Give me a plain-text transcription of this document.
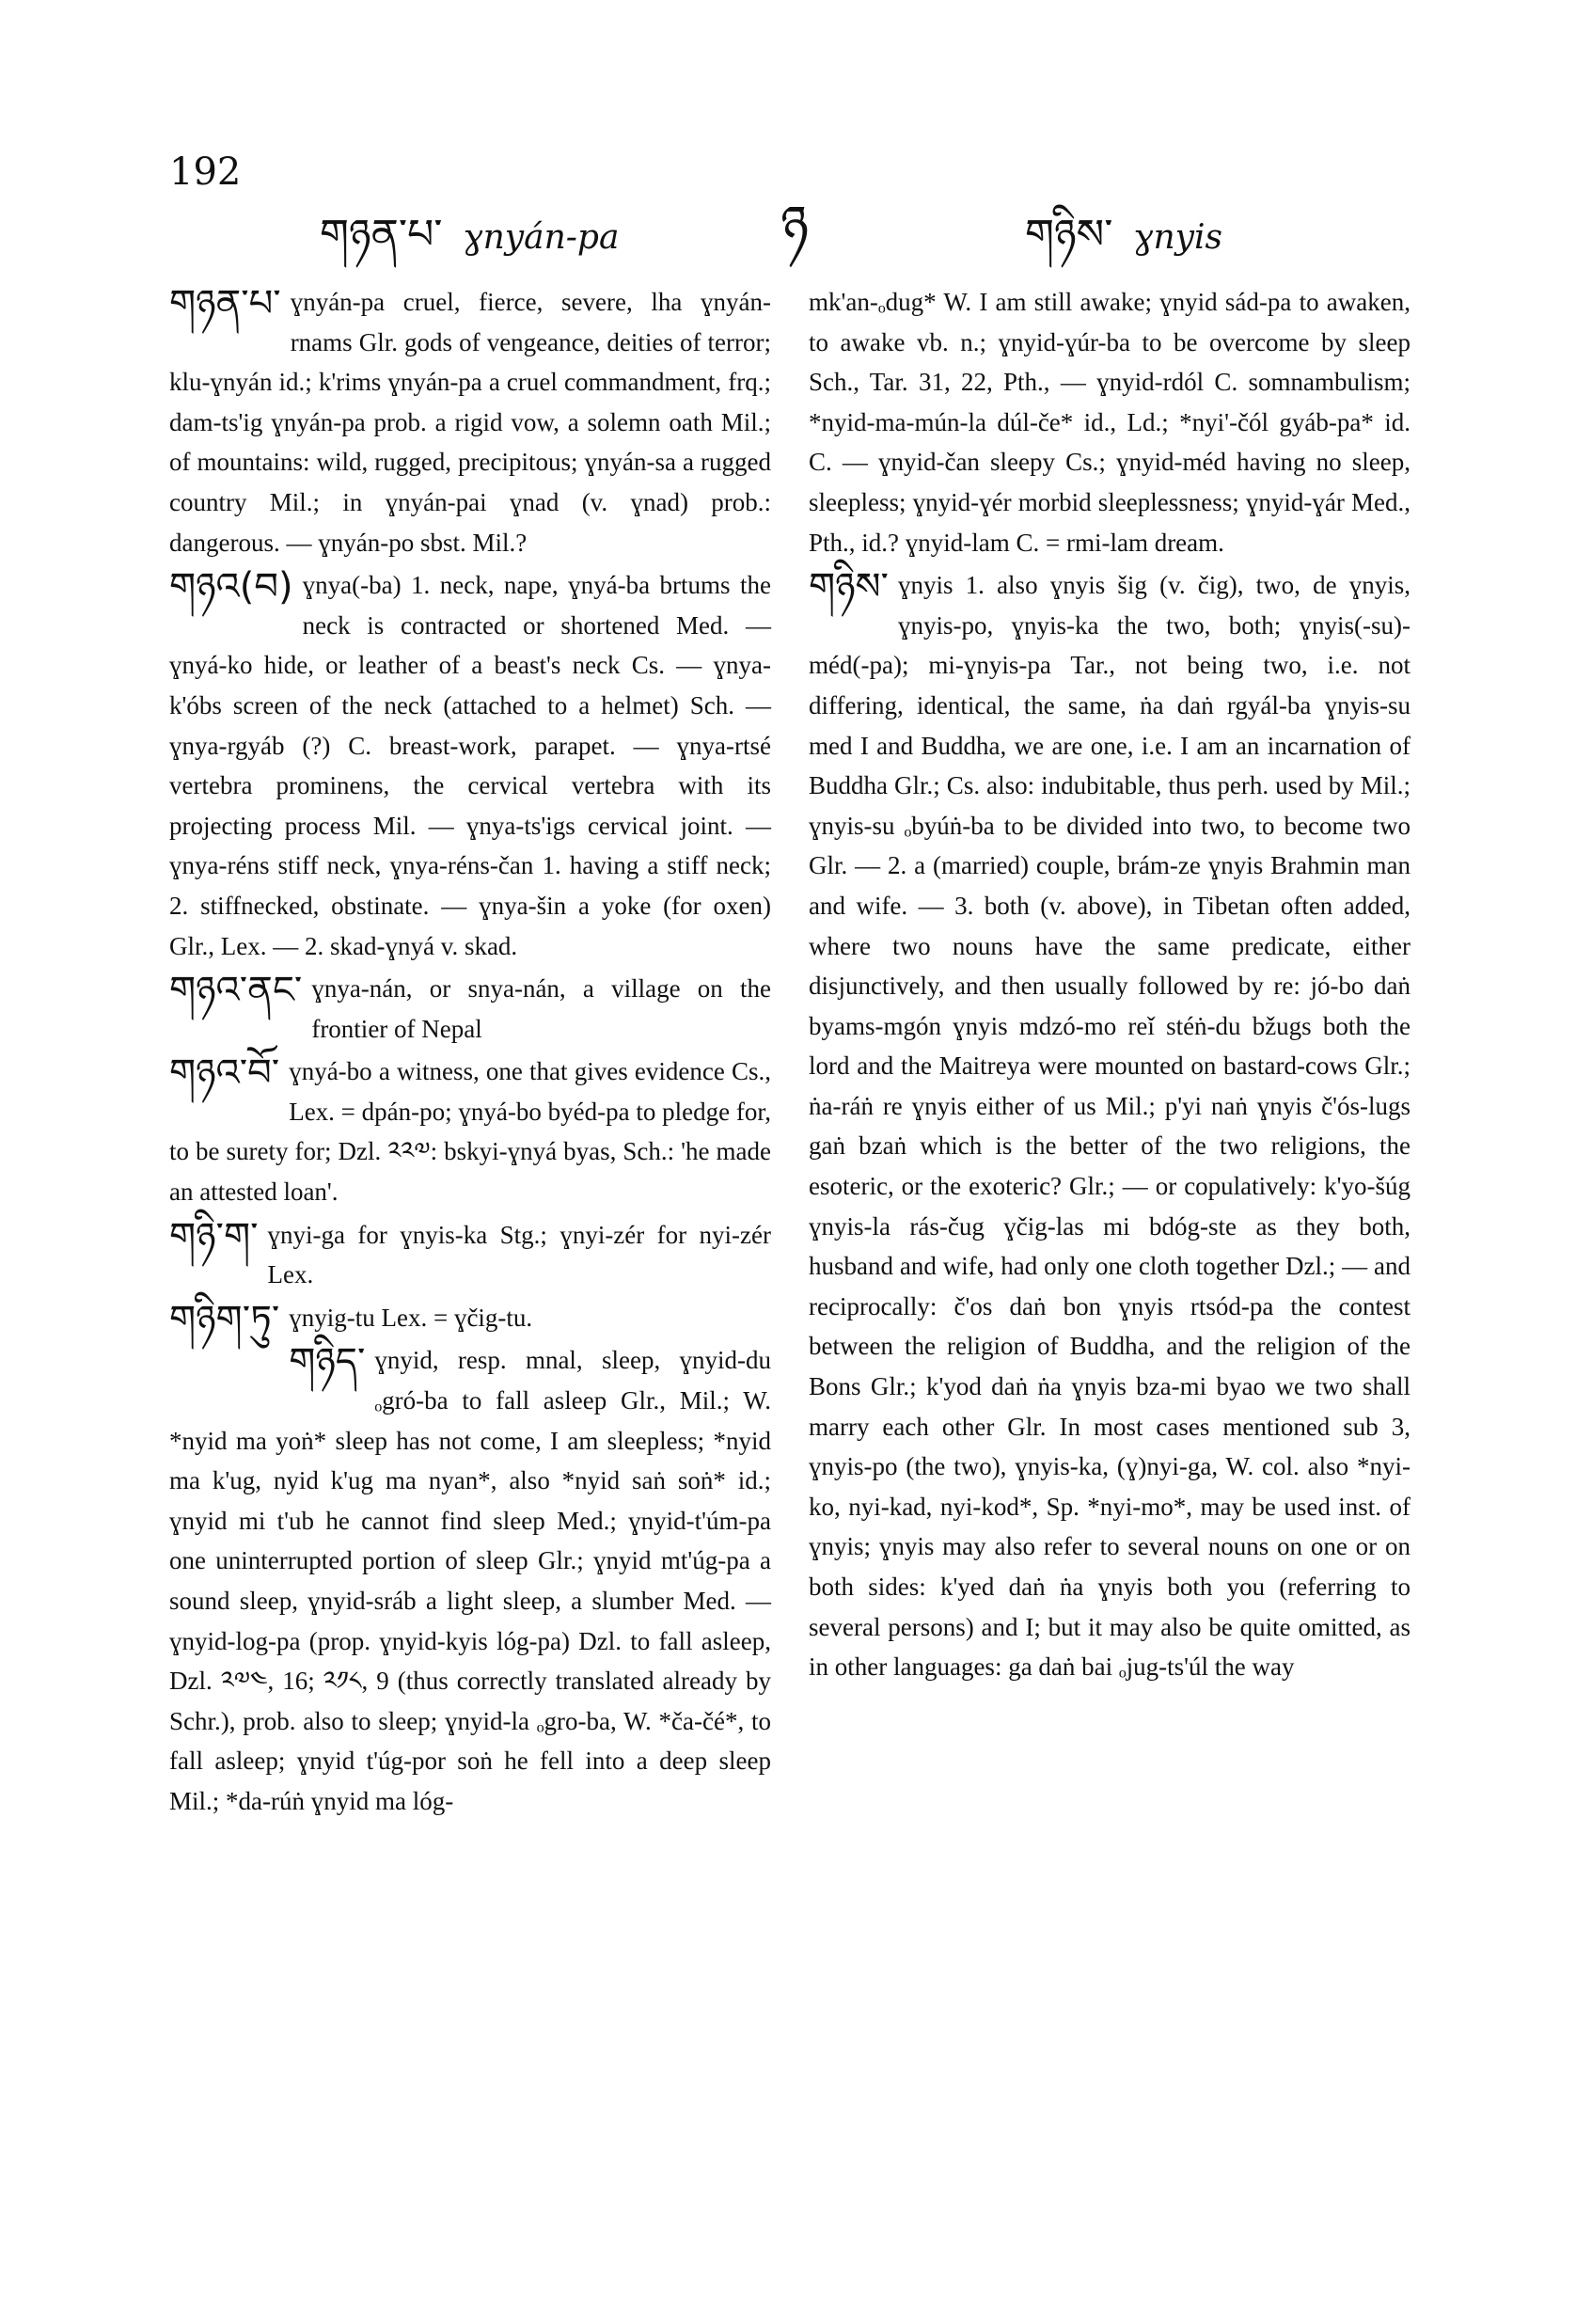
192
གཉན་པ་ ɣnyán-pa	ཉ	གཉིས་ ɣnyis
གཉན་པ་ ɣnyán-pa cruel, fierce, severe, lha ɣnyán-rnams Glr. gods of vengeance, deities of terror; klu-ɣnyán id.; k'rims ɣnyán-pa a cruel commandment, frq.; dam-ts'ig ɣnyán-pa prob. a rigid vow, a solemn oath Mil.; of mountains: wild, rugged, precipitous; ɣnyán-sa a rugged country Mil.; in ɣnyán-pai ɣnad (v. ɣnad) prob.: dangerous. — ɣnyán-po sbst. Mil.?
གཉའ(བ) ɣnya(-ba) 1. neck, nape, ɣnyá-ba brtums the neck is contracted or shortened Med. — ɣnyá-ko hide, or leather of a beast's neck Cs. — ɣnya-k'óbs screen of the neck (attached to a helmet) Sch. — ɣnya-rgyáb (?) C. breast-work, parapet. — ɣnya-rtsé vertebra prominens, the cervical vertebra with its projecting process Mil. — ɣnya-ts'igs cervical joint. — ɣnya-réns stiff neck, ɣnya-réns-čan 1. having a stiff neck; 2. stiffnecked, obstinate. — ɣnya-šin a yoke (for oxen) Glr., Lex. — 2. skad-ɣnyá v. skad.
གཉའ་ནང་ ɣnya-nán, or snya-nán, a village on the frontier of Nepal
གཉའ་བོ་ ɣnyá-bo a witness, one that gives evidence Cs., Lex. = dpán-po; ɣnyá-bo byéd-pa to pledge for, to be surety for; Dzl. ༢༢༧: bskyi-ɣnyá byas, Sch.: 'he made an attested loan'.
གཉི་ག་ ɣnyi-ga for ɣnyis-ka Stg.; ɣnyi-zér for nyi-zér Lex.
གཉིག་ཏུ་ ɣnyig-tu Lex. = ɣčig-tu.
གཉིད་ ɣnyid, resp. mnal, sleep, ɣnyid-du ₒgró-ba to fall asleep Glr., Mil.; W. *nyid ma yoṅ* sleep has not come, I am sleepless; *nyid ma k'ug, nyid k'ug ma nyan*, also *nyid saṅ soṅ* id.; ɣnyid mi t'ub he cannot find sleep Med.; ɣnyid-t'úm-pa one uninterrupted portion of sleep Glr.; ɣnyid mt'úg-pa a sound sleep, ɣnyid-sráb a light sleep, a slumber Med. — ɣnyid-log-pa (prop. ɣnyid-kyis lóg-pa) Dzl. to fall asleep, Dzl. ༢༧༤, 16; ༢༡༨, 9 (thus correctly translated already by Schr.), prob. also to sleep; ɣnyid-la ₒgro-ba, W. *ča-čé*, to fall asleep; ɣnyid t'úg-por soṅ he fell into a deep sleep Mil.; *da-rúṅ ɣnyid ma lóg-
mk'an-ₒdug* W. I am still awake; ɣnyid sád-pa to awaken, to awake vb. n.; ɣnyid-ɣúr-ba to be overcome by sleep Sch., Tar. 31, 22, Pth., — ɣnyid-rdól C. somnambulism; *nyid-ma-mún-la dúl-če* id., Ld.; *nyi'-čól gyáb-pa* id. C. — ɣnyid-čan sleepy Cs.; ɣnyid-méd having no sleep, sleepless; ɣnyid-ɣér morbid sleeplessness; ɣnyid-ɣár Med., Pth., id.? ɣnyid-lam C. = rmi-lam dream.
གཉིས་ ɣnyis 1. also ɣnyis šig (v. čig), two, de ɣnyis, ɣnyis-po, ɣnyis-ka the two, both; ɣnyis(-su)-méd(-pa); mi-ɣnyis-pa Tar., not being two, i.e. not differing, identical, the same, ṅa daṅ rgyál-ba ɣnyis-su med I and Buddha, we are one, i.e. I am an incarnation of Buddha Glr.; Cs. also: indubitable, thus perh. used by Mil.; ɣnyis-su ₒbyúṅ-ba to be divided into two, to become two Glr. — 2. a (married) couple, brám-ze ɣnyis Brahmin man and wife. — 3. both (v. above), in Tibetan often added, where two nouns have the same predicate, either disjunctively, and then usually followed by re: jó-bo daṅ byams-mgón ɣnyis mdzó-mo reǐ stéṅ-du bžugs both the lord and the Maitreya were mounted on bastard-cows Glr.; ṅa-ráṅ re ɣnyis either of us Mil.; p'yi naṅ ɣnyis č'ós-lugs gaṅ bzaṅ which is the better of the two religions, the esoteric, or the exoteric? Glr.; — or copulatively: k'yo-šúg ɣnyis-la rás-čug ɣčig-las mi bdóg-ste as they both, husband and wife, had only one cloth together Dzl.; — and reciprocally: č'os daṅ bon ɣnyis rtsód-pa the contest between the religion of Buddha, and the religion of the Bons Glr.; k'yod daṅ ṅa ɣnyis bza-mi byao we two shall marry each other Glr. In most cases mentioned sub 3, ɣnyis-po (the two), ɣnyis-ka, (ɣ)nyi-ga, W. col. also *nyi-ko, nyi-kad, nyi-kod*, Sp. *nyi-mo*, may be used inst. of ɣnyis; ɣnyis may also refer to several nouns on one or on both sides: k'yed daṅ ṅa ɣnyis both you (referring to several persons) and I; but it may also be quite omitted, as in other languages: ga daṅ bai ₒjug-ts'úl the way
